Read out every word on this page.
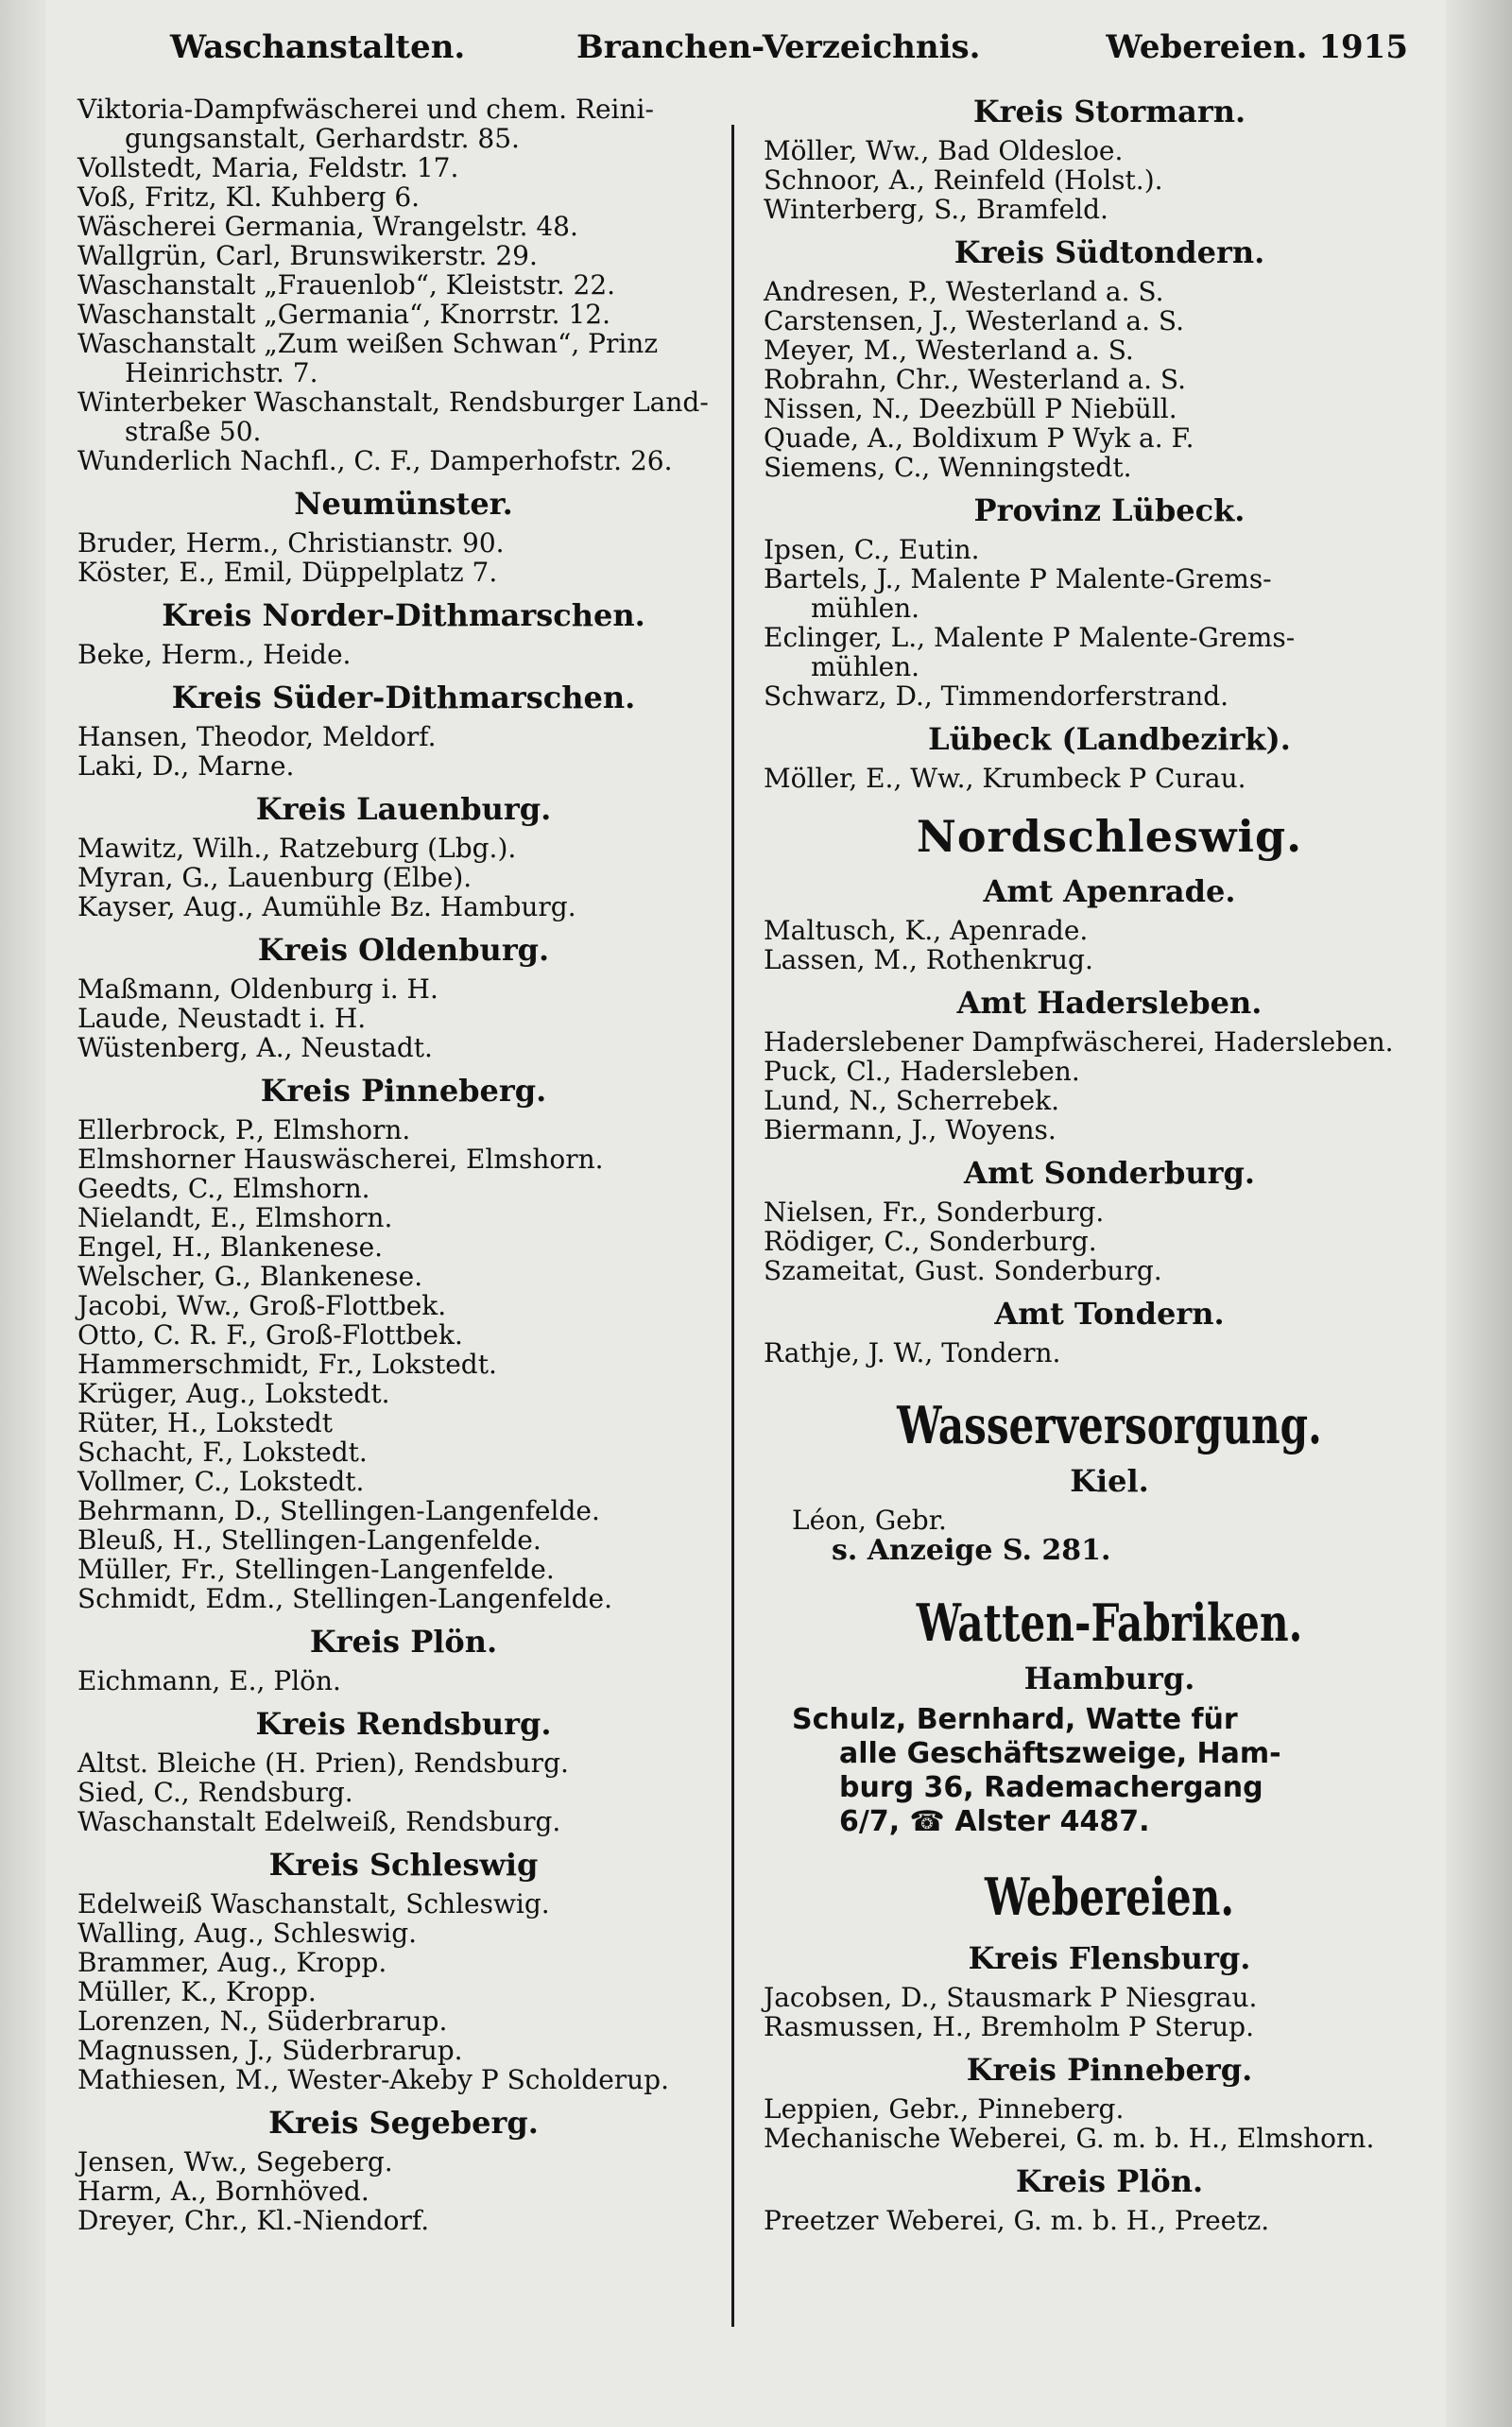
Waschanstalten.	Branchen-Verzeichnis.	Webereien. 1915
Viktoria-Dampfwäscherei und chem. Reini-
gungsanstalt, Gerhardstr. 85.
Vollstedt, Maria, Feldstr. 17.
Voß, Fritz, Kl. Kuhberg 6.
Wäscherei Germania, Wrangelstr. 48.
Wallgrün, Carl, Brunswikerstr. 29.
Waschanstalt „Frauenlob“, Kleiststr. 22.
Waschanstalt „Germania“, Knorrstr. 12.
Waschanstalt „Zum weißen Schwan“, Prinz
Heinrichstr. 7.
Winterbeker Waschanstalt, Rendsburger Land-
straße 50.
Wunderlich Nachfl., C. F., Damperhofstr. 26.
Neumünster.
Bruder, Herm., Christianstr. 90.
Köster, E., Emil, Düppelplatz 7.
Kreis Norder-Dithmarschen.
Beke, Herm., Heide.
Kreis Süder-Dithmarschen.
Hansen, Theodor, Meldorf.
Laki, D., Marne.
Kreis Lauenburg.
Mawitz, Wilh., Ratzeburg (Lbg.).
Myran, G., Lauenburg (Elbe).
Kayser, Aug., Aumühle Bz. Hamburg.
Kreis Oldenburg.
Maßmann, Oldenburg i. H.
Laude, Neustadt i. H.
Wüstenberg, A., Neustadt.
Kreis Pinneberg.
Ellerbrock, P., Elmshorn.
Elmshorner Hauswäscherei, Elmshorn.
Geedts, C., Elmshorn.
Nielandt, E., Elmshorn.
Engel, H., Blankenese.
Welscher, G., Blankenese.
Jacobi, Ww., Groß-Flottbek.
Otto, C. R. F., Groß-Flottbek.
Hammerschmidt, Fr., Lokstedt.
Krüger, Aug., Lokstedt.
Rüter, H., Lokstedt
Schacht, F., Lokstedt.
Vollmer, C., Lokstedt.
Behrmann, D., Stellingen-Langenfelde.
Bleuß, H., Stellingen-Langenfelde.
Müller, Fr., Stellingen-Langenfelde.
Schmidt, Edm., Stellingen-Langenfelde.
Kreis Plön.
Eichmann, E., Plön.
Kreis Rendsburg.
Altst. Bleiche (H. Prien), Rendsburg.
Sied, C., Rendsburg.
Waschanstalt Edelweiß, Rendsburg.
Kreis Schleswig
Edelweiß Waschanstalt, Schleswig.
Walling, Aug., Schleswig.
Brammer, Aug., Kropp.
Müller, K., Kropp.
Lorenzen, N., Süderbrarup.
Magnussen, J., Süderbrarup.
Mathiesen, M., Wester-Akeby P Scholderup.
Kreis Segeberg.
Jensen, Ww., Segeberg.
Harm, A., Bornhöved.
Dreyer, Chr., Kl.-Niendorf.
Kreis Stormarn.
Möller, Ww., Bad Oldesloe.
Schnoor, A., Reinfeld (Holst.).
Winterberg, S., Bramfeld.
Kreis Südtondern.
Andresen, P., Westerland a. S.
Carstensen, J., Westerland a. S.
Meyer, M., Westerland a. S.
Robrahn, Chr., Westerland a. S.
Nissen, N., Deezbüll P Niebüll.
Quade, A., Boldixum P Wyk a. F.
Siemens, C., Wenningstedt.
Provinz Lübeck.
Ipsen, C., Eutin.
Bartels, J., Malente P Malente-Grems-
mühlen.
Eclinger, L., Malente P Malente-Grems-
mühlen.
Schwarz, D., Timmendorferstrand.
Lübeck (Landbezirk).
Möller, E., Ww., Krumbeck P Curau.
Nordschleswig.
Amt Apenrade.
Maltusch, K., Apenrade.
Lassen, M., Rothenkrug.
Amt Hadersleben.
Haderslebener Dampfwäscherei, Hadersleben.
Puck, Cl., Hadersleben.
Lund, N., Scherrebek.
Biermann, J., Woyens.
Amt Sonderburg.
Nielsen, Fr., Sonderburg.
Rödiger, C., Sonderburg.
Szameitat, Gust. Sonderburg.
Amt Tondern.
Rathje, J. W., Tondern.
Wasserversorgung.
Kiel.
Léon, Gebr.
s. Anzeige S. 281.
Watten-Fabriken.
Hamburg.
Schulz, Bernhard, Watte für
alle Geschäftszweige, Ham-
burg 36, Rademachergang
6/7, ☎ Alster 4487.
Webereien.
Kreis Flensburg.
Jacobsen, D., Stausmark P Niesgrau.
Rasmussen, H., Bremholm P Sterup.
Kreis Pinneberg.
Leppien, Gebr., Pinneberg.
Mechanische Weberei, G. m. b. H., Elmshorn.
Kreis Plön.
Preetzer Weberei, G. m. b. H., Preetz.
